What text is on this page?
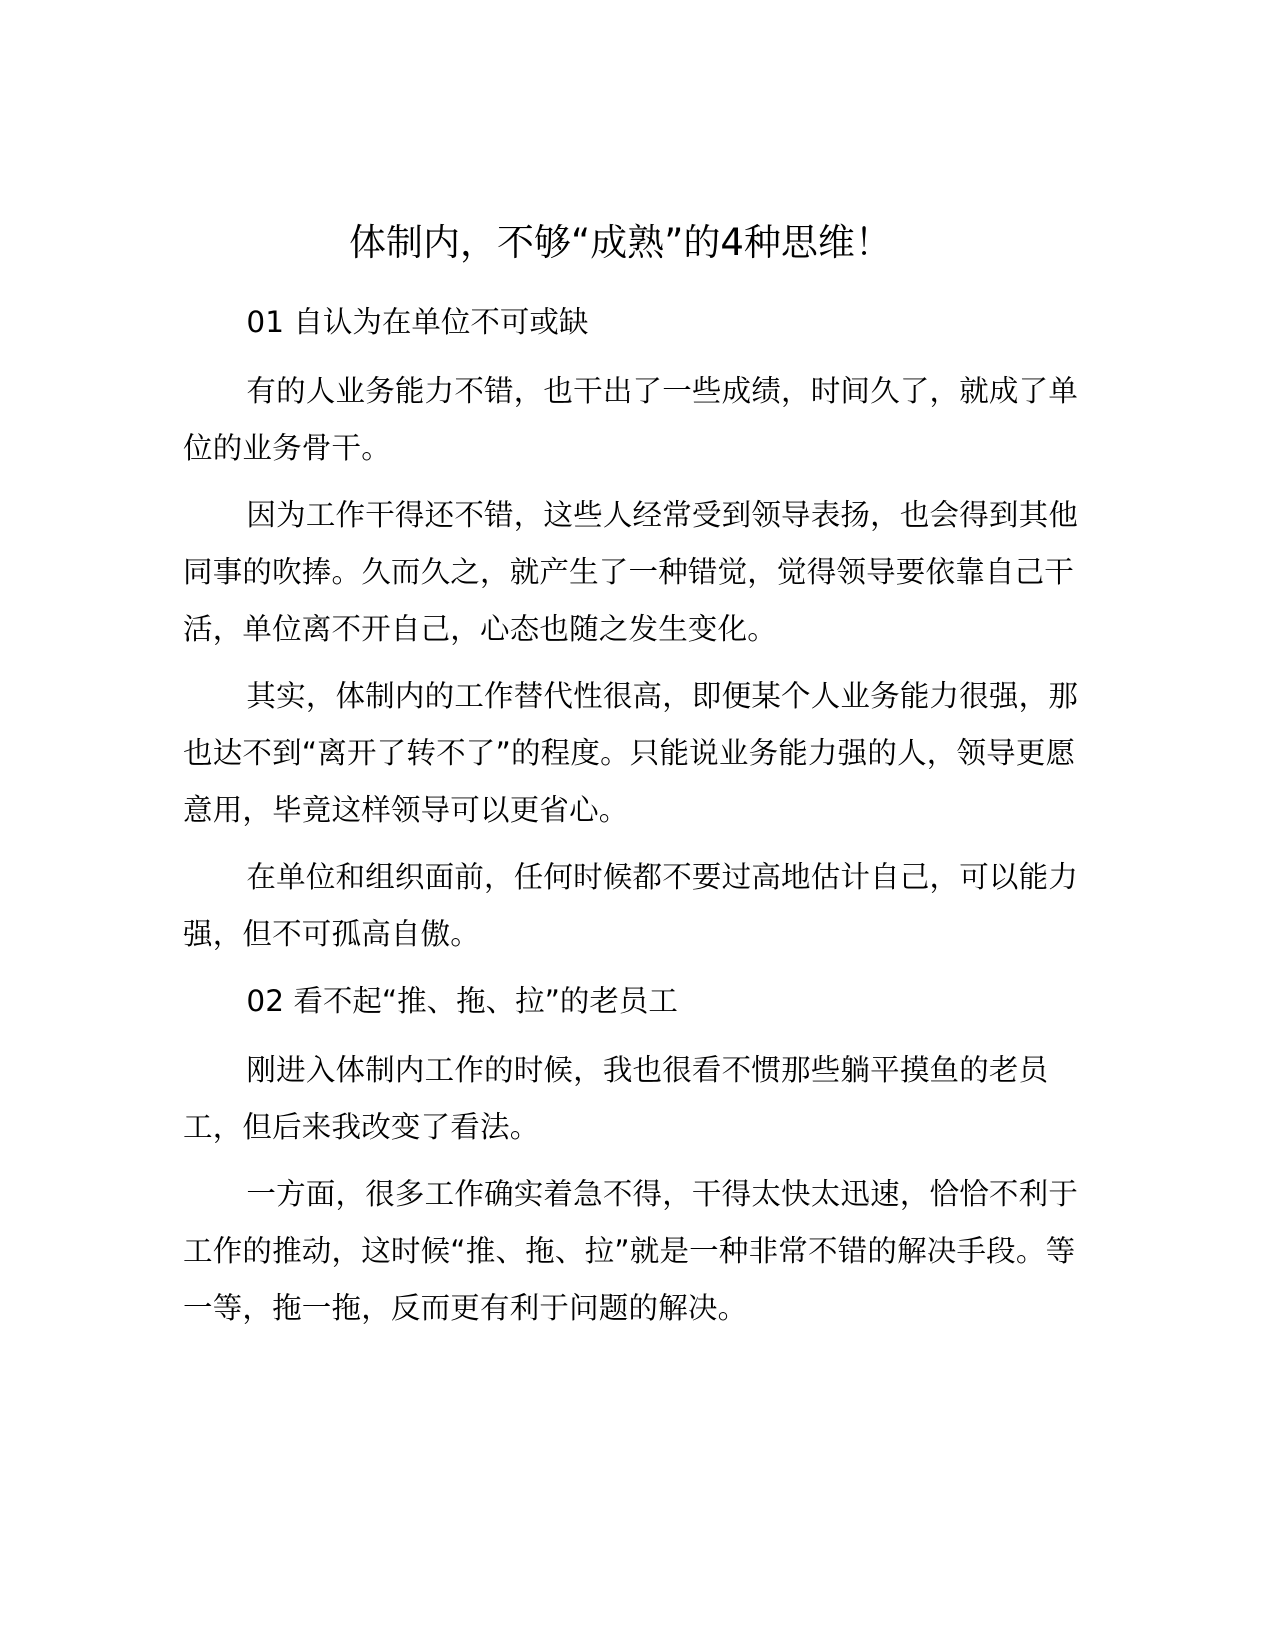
体制内，不够“成熟”的4种思维！

01 自认为在单位不可或缺

有的人业务能力不错，也干出了一些成绩，时间久了，就成了单位的业务骨干。

因为工作干得还不错，这些人经常受到领导表扬，也会得到其他同事的吹捧。久而久之，就产生了一种错觉，觉得领导要依靠自己干活，单位离不开自己，心态也随之发生变化。

其实，体制内的工作替代性很高，即便某个人业务能力很强，那也达不到“离开了转不了”的程度。只能说业务能力强的人，领导更愿意用，毕竟这样领导可以更省心。

在单位和组织面前，任何时候都不要过高地估计自己，可以能力强，但不可孤高自傲。

02 看不起“推、拖、拉”的老员工

刚进入体制内工作的时候，我也很看不惯那些躺平摸鱼的老员工，但后来我改变了看法。

一方面，很多工作确实着急不得，干得太快太迅速，恰恰不利于工作的推动，这时候“推、拖、拉”就是一种非常不错的解决手段。等一等，拖一拖，反而更有利于问题的解决。
